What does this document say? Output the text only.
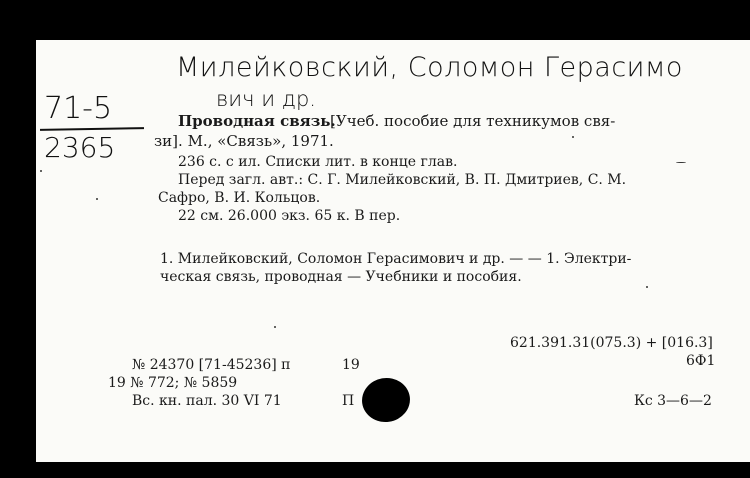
Милейковский, Соломон Герасимо
вич и др.
71-5
2365
Проводная связь.
[Учеб. пособие для техникумов свя-
зи]. М., «Связь», 1971.
236 с. с ил. Списки лит. в конце глав.
Перед загл. авт.: С. Г. Милейковский, В. П. Дмитриев, С. М.
Сафро, В. И. Кольцов.
22 см. 26.000 экз. 65 к. В пер.
1. Милейковский, Соломон Герасимович и др. — — 1. Электри-
ческая связь, проводная — Учебники и пособия.
621.391.31(075.3) + [016.3]
6Ф1
№ 24370 [71-45236] п	19
19 № 772; № 5859
Вс. кн. пал. 30 VI 71	П	Кс 3—6—2
